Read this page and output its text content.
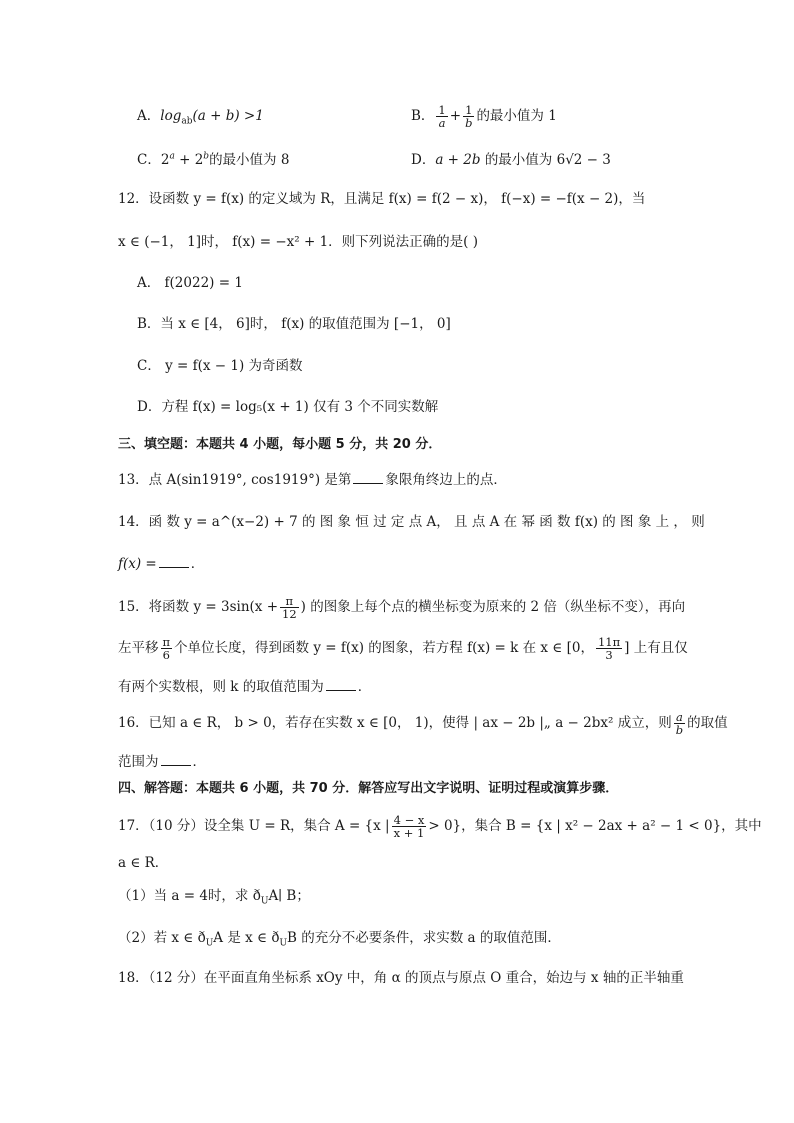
A．$\log_{ab}(a + b) >1$	B． $\frac{1}{a} + \frac{1}{b}$ 的最小值为 1
C．$2^a + 2^b$的最小值为 8	D．a + 2b 的最小值为 6√2 − 3
12．设函数 y = f(x) 的定义域为 R，且满足 f(x) = f(2 − x)， f(−x) = −f(x − 2)，当
x ∈ (−1， 1]时， f(x) = −x² + 1．则下列说法正确的是( )
A． f(2022) = 1
B．当 x ∈ [4， 6]时， f(x) 的取值范围为 [−1， 0]
C． y = f(x − 1) 为奇函数
D．方程 f(x) = log₅(x + 1) 仅有 3 个不同实数解
三、填空题：本题共 4 小题，每小题 5 分，共 20 分．
13．点 A(sin1919°, cos1919°) 是第	象限角终边上的点．
14．函 数 y = a^(x−2) + 7 的 图 象 恒 过 定 点 A， 且 点 A 在 幂 函 数 f(x) 的 图 象 上 ， 则
f(x) =	．
15．将函数 $y = 3\sin(x + \frac{\pi}{12}$ ) 的图象上每个点的横坐标变为原来的 2 倍（纵坐标不变），再向
左平移 $\frac{\pi}{6}$ 个单位长度，得到函数 y = f(x) 的图象，若方程 f(x) = k 在 x ∈ [0， $\frac{11\pi}{3}$ ] 上有且仅
有两个实数根，则 k 的取值范围为	．
16．已知 a ∈ R， b > 0，若存在实数 x ∈ [0， 1)，使得 | ax − 2b |„ a − 2bx² 成立，则 $\frac{a}{b}$ 的取值
范围为	．
四、解答题：本题共 6 小题，共 70 分．解答应写出文字说明、证明过程或演算步骤．
17．（10 分）设全集 U = R，集合 A = {x | $\frac{4 - x}{x + 1} > 0$}，集合 B = {x | x² − 2ax + a² − 1 < 0}，其中
a ∈ R．
（1）当 a = 4时，求 $ð_UA∣$ B；
（2）若 x ∈ $ð_UA$ 是 x ∈ $ð_UB$ 的充分不必要条件，求实数 a 的取值范围．
18．（12 分）在平面直角坐标系 xOy 中，角 α 的顶点与原点 O 重合，始边与 x 轴的正半轴重
